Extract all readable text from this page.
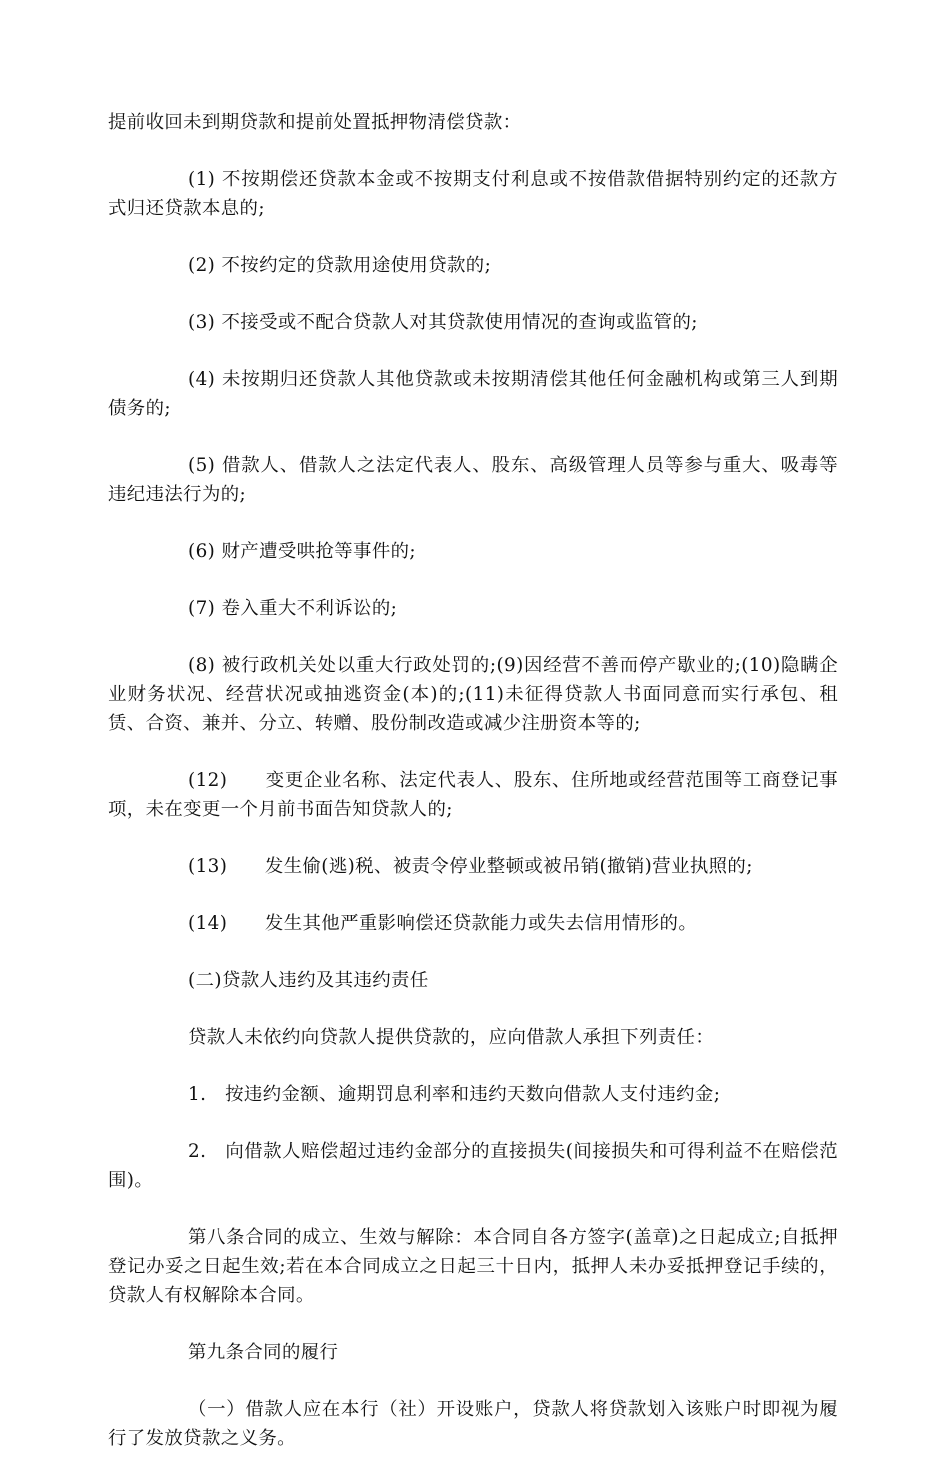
提前收回未到期贷款和提前处置抵押物清偿贷款：

(1) 不按期偿还贷款本金或不按期支付利息或不按借款借据特别约定的还款方式归还贷款本息的;

(2) 不按约定的贷款用途使用贷款的;

(3) 不接受或不配合贷款人对其贷款使用情况的查询或监管的;

(4) 未按期归还贷款人其他贷款或未按期清偿其他任何金融机构或第三人到期债务的;

(5) 借款人、借款人之法定代表人、股东、高级管理人员等参与重大、吸毒等违纪违法行为的;

(6) 财产遭受哄抢等事件的;

(7) 卷入重大不利诉讼的;

(8) 被行政机关处以重大行政处罚的;(9)因经营不善而停产歇业的;(10)隐瞒企业财务状况、经营状况或抽逃资金(本)的;(11)未征得贷款人书面同意而实行承包、租赁、合资、兼并、分立、转赠、股份制改造或减少注册资本等的;

(12)　　变更企业名称、法定代表人、股东、住所地或经营范围等工商登记事项，未在变更一个月前书面告知贷款人的;

(13)　　发生偷(逃)税、被责令停业整顿或被吊销(撤销)营业执照的;

(14)　　发生其他严重影响偿还贷款能力或失去信用情形的。

(二)贷款人违约及其违约责任

贷款人未依约向贷款人提供贷款的，应向借款人承担下列责任：

1.　按违约金额、逾期罚息利率和违约天数向借款人支付违约金;

2.　向借款人赔偿超过违约金部分的直接损失(间接损失和可得利益不在赔偿范围)。

第八条合同的成立、生效与解除：本合同自各方签字(盖章)之日起成立;自抵押登记办妥之日起生效;若在本合同成立之日起三十日内，抵押人未办妥抵押登记手续的，贷款人有权解除本合同。

第九条合同的履行

（一）借款人应在本行（社）开设账户，贷款人将贷款划入该账户时即视为履行了发放贷款之义务。
